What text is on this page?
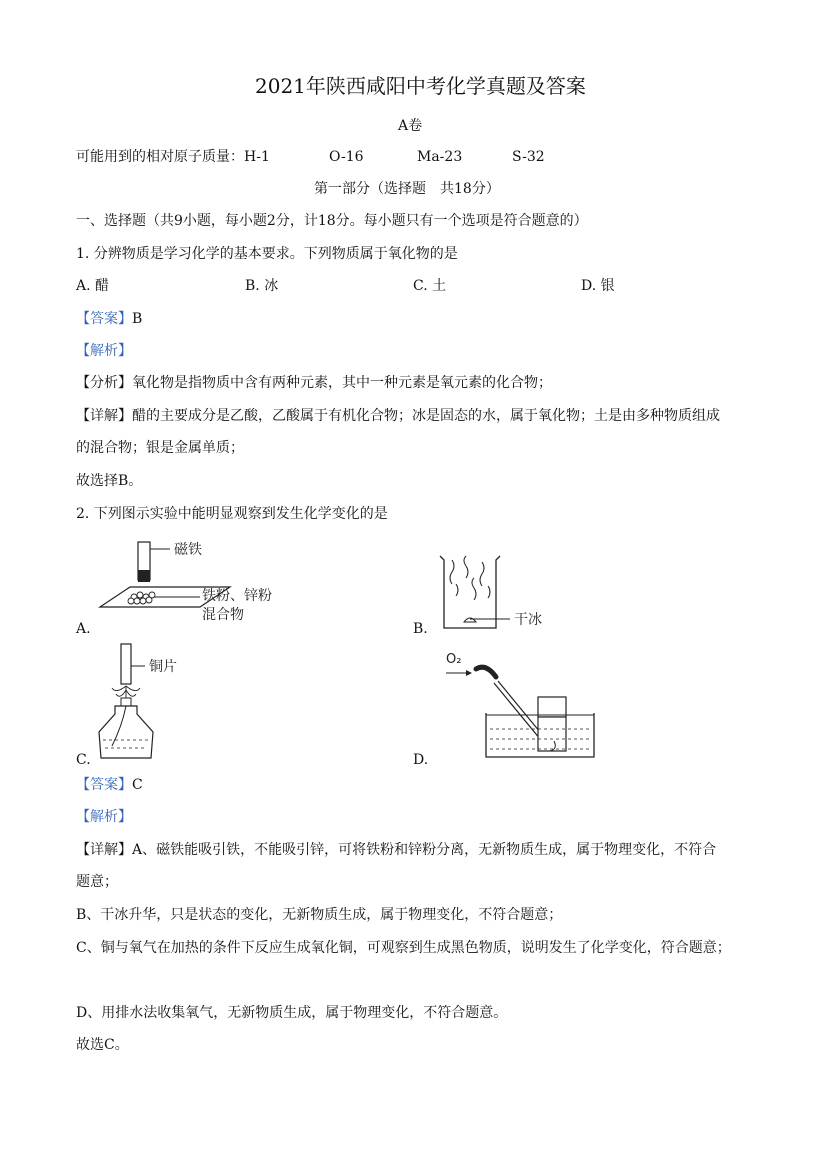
2021年陕西咸阳中考化学真题及答案
A卷
可能用到的相对原子质量：H-1	O-16	Ma-23	S-32
第一部分（选择题　共18分）
一、选择题（共9小题，每小题2分，计18分。每小题只有一个选项是符合题意的）
1. 分辨物质是学习化学的基本要求。下列物质属于氧化物的是
A. 醋	B. 冰	C. 土	D. 银
【答案】B
【解析】
【分析】氧化物是指物质中含有两种元素，其中一种元素是氧元素的化合物；
【详解】醋的主要成分是乙酸，乙酸属于有机化合物；冰是固态的水，属于氧化物；土是由多种物质组成
的混合物；银是金属单质；
故选择B。
2. 下列图示实验中能明显观察到发生化学变化的是
磁铁
铁粉、锌粉
混合物
A.
干冰
B.
铜片
C.
O₂
D.
【答案】C
【解析】
【详解】A、磁铁能吸引铁，不能吸引锌，可将铁粉和锌粉分离，无新物质生成，属于物理变化，不符合
题意；
B、干冰升华，只是状态的变化，无新物质生成，属于物理变化，不符合题意；
C、铜与氧气在加热的条件下反应生成氧化铜，可观察到生成黑色物质，说明发生了化学变化，符合题意；
D、用排水法收集氧气，无新物质生成，属于物理变化，不符合题意。
故选C。
